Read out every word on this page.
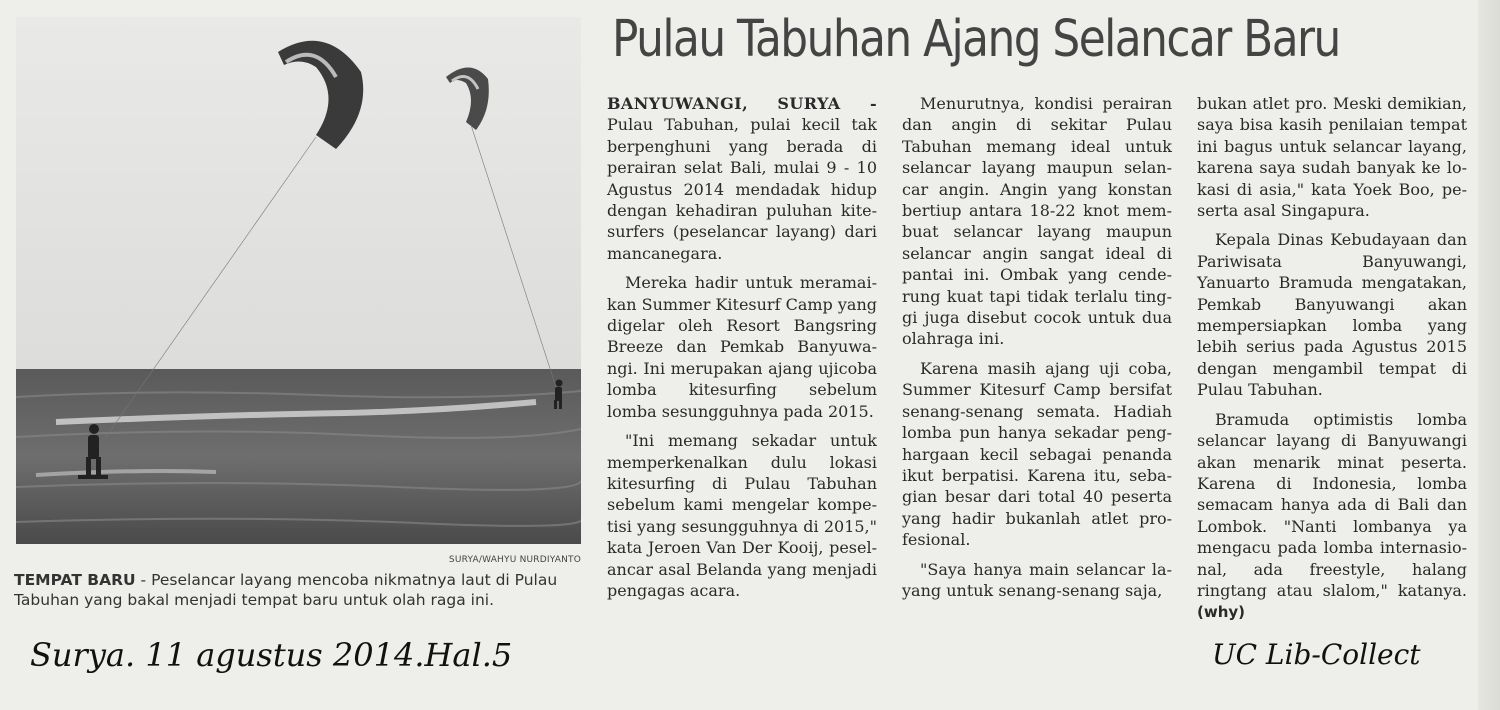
SURYA/WAHYU NURDIYANTO
TEMPAT BARU - Peselancar layang mencoba nikmatnya laut di Pulau Tabuhan yang bakal menjadi tempat baru untuk olah raga ini.
Pulau Tabuhan Ajang Selancar Baru

BANYUWANGI, SURYA - Pulau Tabuhan, pulai kecil tak berpenghuni yang berada di perairan selat Bali, mulai 9 - 10 Agustus 2014 mendadak hidup dengan kehadiran puluhan kitesurfers (peselancar layang) dari mancanegara.

Mereka hadir untuk meramaikan Summer Kitesurf Camp yang digelar oleh Resort Bangsring Breeze dan Pemkab Banyuwangi. Ini merupakan ajang ujicoba lomba kitesurfing sebelum lomba sesungguhnya pada 2015.

"Ini memang sekadar untuk memperkenalkan dulu lokasi kitesurfing di Pulau Tabuhan sebelum kami mengelar kompetisi yang sesungguhnya di 2015," kata Jeroen Van Der Kooij, peselancar asal Belanda yang menjadi pengagas acara.

Menurutnya, kondisi perairan dan angin di sekitar Pulau Tabuhan memang ideal untuk selancar layang maupun selancar angin. Angin yang konstan bertiup antara 18-22 knot membuat selancar layang maupun selancar angin sangat ideal di pantai ini. Ombak yang cenderung kuat tapi tidak terlalu tinggi juga disebut cocok untuk dua olahraga ini.

Karena masih ajang uji coba, Summer Kitesurf Camp bersifat senang-senang semata. Hadiah lomba pun hanya sekadar penghargaan kecil sebagai penanda ikut berpatisi. Karena itu, sebagian besar dari total 40 peserta yang hadir bukanlah atlet profesional.

"Saya hanya main selancar layang untuk senang-senang saja,

bukan atlet pro. Meski demikian, saya bisa kasih penilaian tempat ini bagus untuk selancar layang, karena saya sudah banyak ke lokasi di asia," kata Yoek Boo, peserta asal Singapura.

Kepala Dinas Kebudayaan dan Pariwisata Banyuwangi, Yanuarto Bramuda mengatakan, Pemkab Banyuwangi akan mempersiapkan lomba yang lebih serius pada Agustus 2015 dengan mengambil tempat di Pulau Tabuhan.

Bramuda optimistis lomba selancar layang di Banyuwangi akan menarik minat peserta. Karena di Indonesia, lomba semacam hanya ada di Bali dan Lombok. "Nanti lombanya ya mengacu pada lomba internasional, ada freestyle, halang ringtang atau slalom," katanya. (why)

Surya. 11 agustus 2014.Hal.5	UC Lib-Collect
